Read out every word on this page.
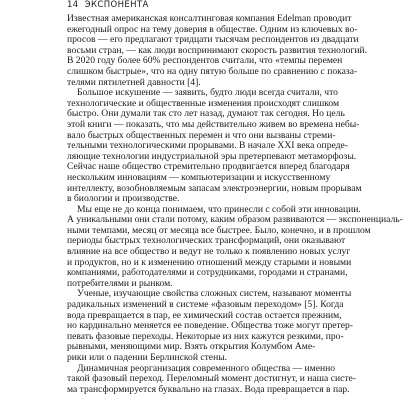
14 ЭКСПОНЕНТА
Известная американская консалтинговая компания Edelman проводит
ежегодный опрос на тему доверия в обществе. Одним из ключевых во-
просов — его предлагают тридцати тысячам респондентов из двадцати
восьми стран, — как люди воспринимают скорость развития технологий.
В 2020 году более 60% респондентов считали, что «темпы перемен
слишком быстрые», что на одну пятую больше по сравнению с показа-
телями пятилетней давности [4].
Большое искушение — заявить, будто люди всегда считали, что
технологические и общественные изменения происходят слишком
быстро. Они думали так сто лет назад, думают так сегодня. Но цель
этой книги — показать, что мы действительно живем во времена небы-
вало быстрых общественных перемен и что они вызваны стреми-
тельными технологическими прорывами. В начале XXI века опреде-
ляющие технологии индустриальной эры претерпевают метаморфозы.
Сейчас наше общество стремительно продвигается вперед благодаря
нескольким инновациям — компьютеризации и искусственному
интеллекту, возобновляемым запасам электроэнергии, новым прорывам
в биологии и производстве.
Мы еще не до конца понимаем, что принесли с собой эти инновации.
А уникальными они стали потому, каким образом развиваются — экспоненциаль-
ными темпами, месяц от месяца все быстрее. Было, конечно, и в прошлом
периоды быстрых технологических трансформаций, они оказывают
влияние на все общество и ведут не только к появлению новых услуг
и продуктов, но и к изменению отношений между старыми и новыми
компаниями, работодателями и сотрудниками, городами и странами,
потребителями и рынком.
Ученые, изучающие свойства сложных систем, называют моменты
радикальных изменений в системе «фазовым переходом» [5]. Когда
вода превращается в пар, ее химический состав остается прежним,
но кардинально меняется ее поведение. Общества тоже могут претер-
певать фазовые переходы. Некоторые из них кажутся резкими, про-
рывными, меняющими мир. Взять открытия Колумбом Аме-
рики или о падении Берлинской стены.
Динамичная реорганизация современного общества — именно
такой фазовый переход. Переломный момент достигнут, и наша систе-
ма трансформируется буквально на глазах. Вода превращается в пар.
